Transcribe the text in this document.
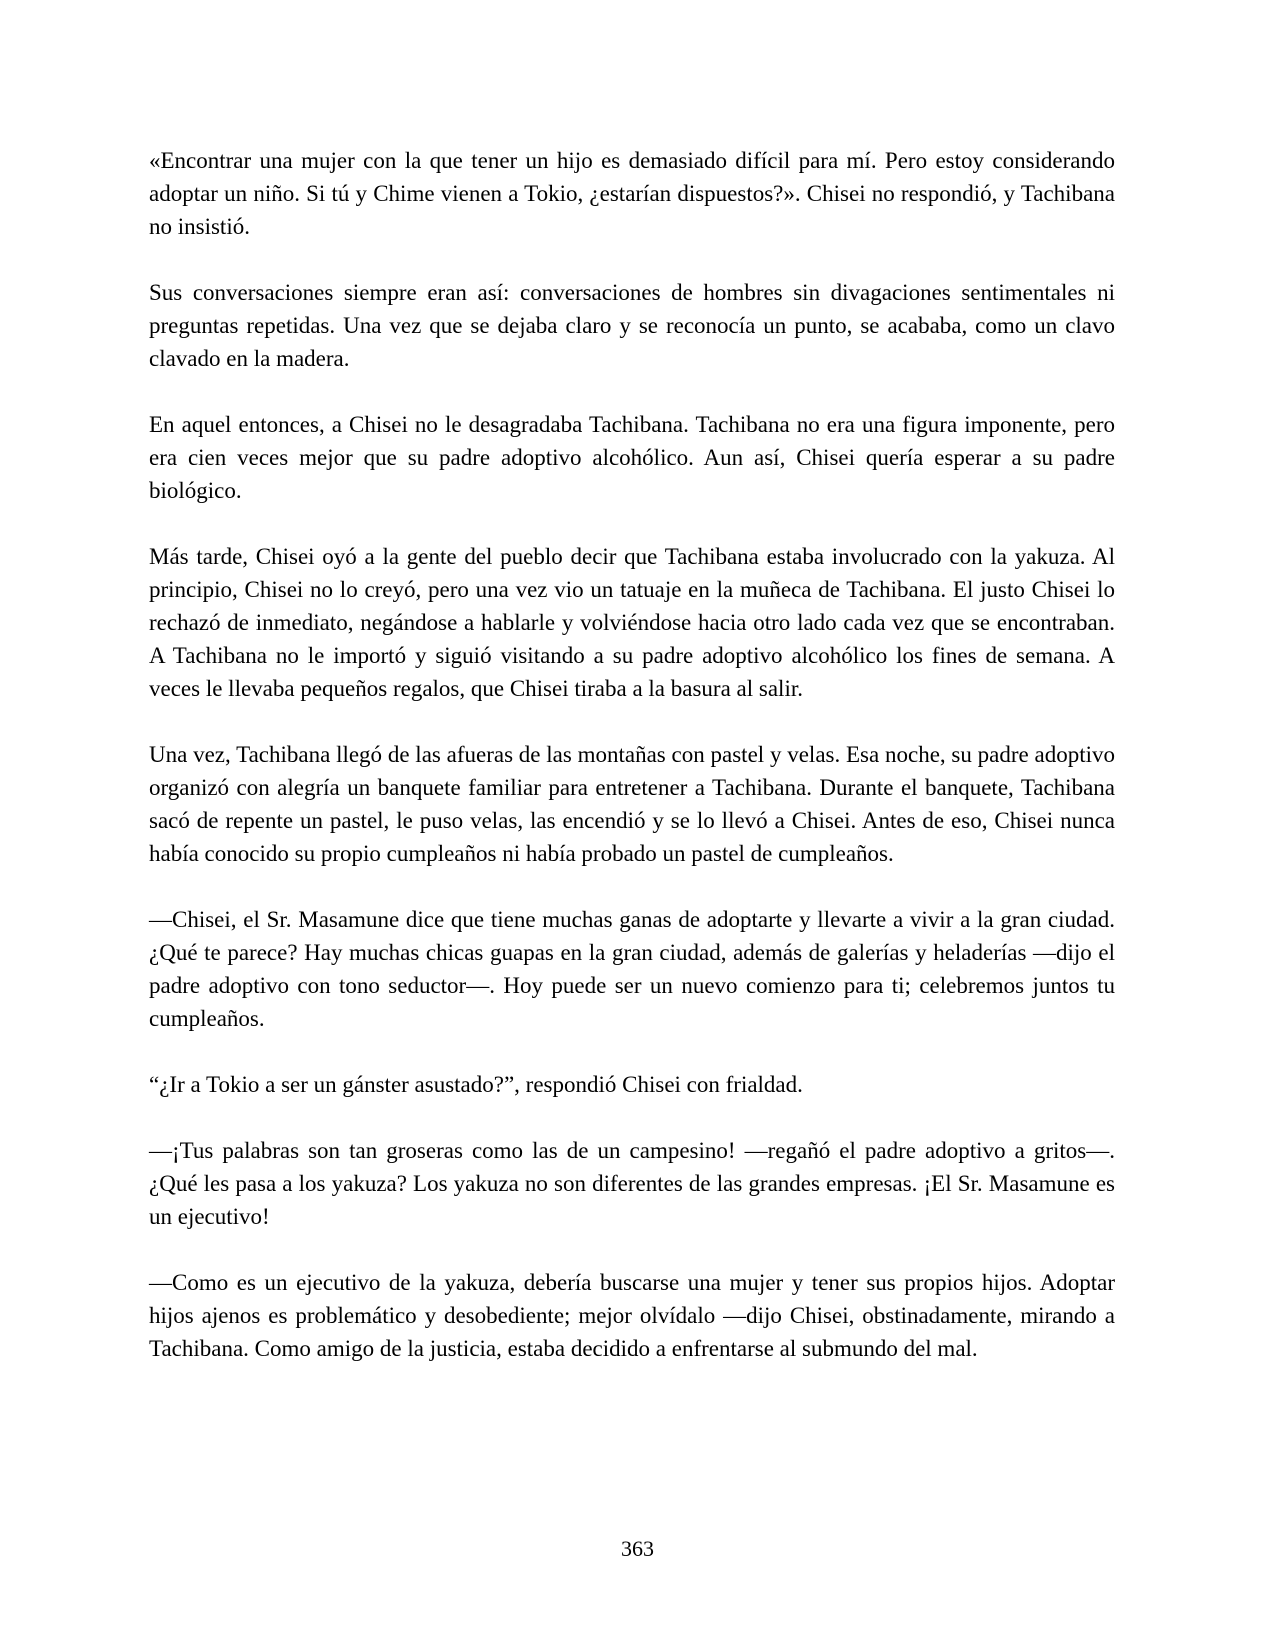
«Encontrar una mujer con la que tener un hijo es demasiado difícil para mí. Pero estoy considerando adoptar un niño. Si tú y Chime vienen a Tokio, ¿estarían dispuestos?». Chisei no respondió, y Tachibana no insistió.

Sus conversaciones siempre eran así: conversaciones de hombres sin divagaciones sentimentales ni preguntas repetidas. Una vez que se dejaba claro y se reconocía un punto, se acababa, como un clavo clavado en la madera.

En aquel entonces, a Chisei no le desagradaba Tachibana. Tachibana no era una figura imponente, pero era cien veces mejor que su padre adoptivo alcohólico. Aun así, Chisei quería esperar a su padre biológico.

Más tarde, Chisei oyó a la gente del pueblo decir que Tachibana estaba involucrado con la yakuza. Al principio, Chisei no lo creyó, pero una vez vio un tatuaje en la muñeca de Tachibana. El justo Chisei lo rechazó de inmediato, negándose a hablarle y volviéndose hacia otro lado cada vez que se encontraban. A Tachibana no le importó y siguió visitando a su padre adoptivo alcohólico los fines de semana. A veces le llevaba pequeños regalos, que Chisei tiraba a la basura al salir.

Una vez, Tachibana llegó de las afueras de las montañas con pastel y velas. Esa noche, su padre adoptivo organizó con alegría un banquete familiar para entretener a Tachibana. Durante el banquete, Tachibana sacó de repente un pastel, le puso velas, las encendió y se lo llevó a Chisei. Antes de eso, Chisei nunca había conocido su propio cumpleaños ni había probado un pastel de cumpleaños.

—Chisei, el Sr. Masamune dice que tiene muchas ganas de adoptarte y llevarte a vivir a la gran ciudad. ¿Qué te parece? Hay muchas chicas guapas en la gran ciudad, además de galerías y heladerías —dijo el padre adoptivo con tono seductor—. Hoy puede ser un nuevo comienzo para ti; celebremos juntos tu cumpleaños.

“¿Ir a Tokio a ser un gánster asustado?”, respondió Chisei con frialdad.

—¡Tus palabras son tan groseras como las de un campesino! —regañó el padre adoptivo a gritos—. ¿Qué les pasa a los yakuza? Los yakuza no son diferentes de las grandes empresas. ¡El Sr. Masamune es un ejecutivo!

—Como es un ejecutivo de la yakuza, debería buscarse una mujer y tener sus propios hijos. Adoptar hijos ajenos es problemático y desobediente; mejor olvídalo —dijo Chisei, obstinadamente, mirando a Tachibana. Como amigo de la justicia, estaba decidido a enfrentarse al submundo del mal.

363
